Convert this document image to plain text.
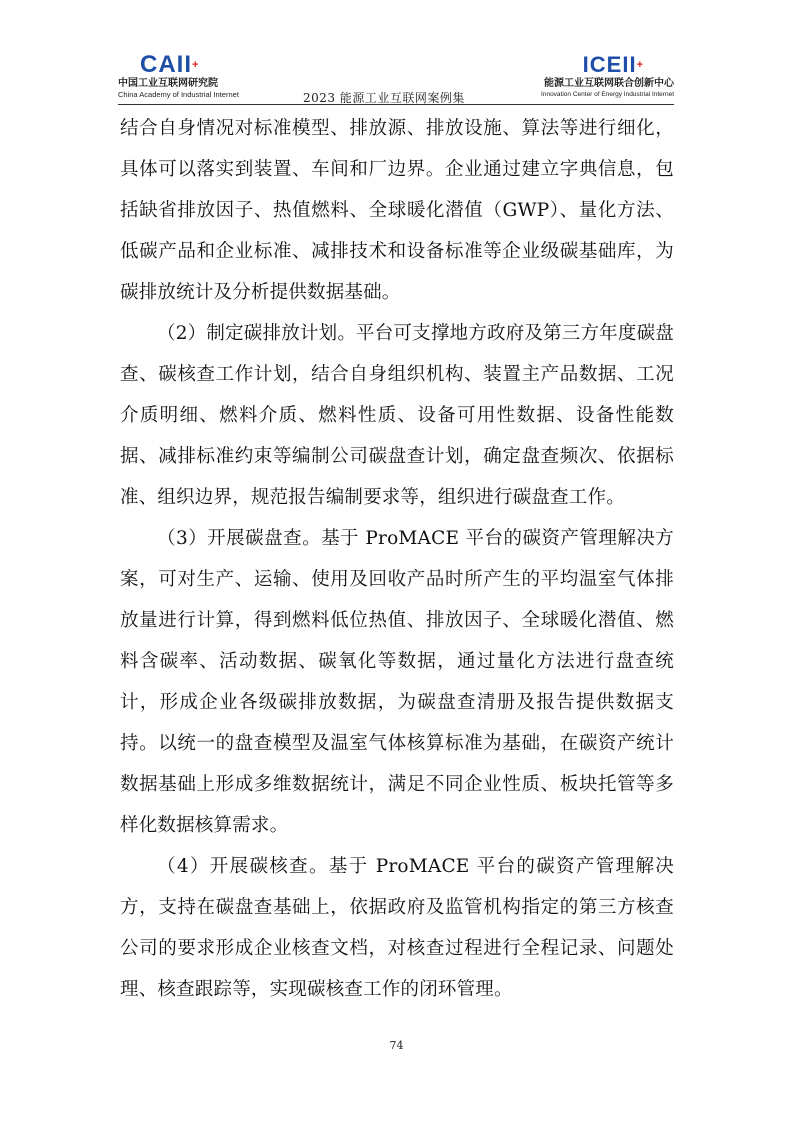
CAII+
中国工业互联网研究院
China Academy of Industrial Internet	2023 能源工业互联网案例集
ICEII+
能源工业互联网联合创新中心
Innovation Center of Energy Industrial Internet

结合自身情况对标准模型、排放源、排放设施、算法等进行细化，具体可以落实到装置、车间和厂边界。企业通过建立字典信息，包括缺省排放因子、热值燃料、全球暖化潜值（GWP）、量化方法、低碳产品和企业标准、减排技术和设备标准等企业级碳基础库，为碳排放统计及分析提供数据基础。

（2）制定碳排放计划。平台可支撑地方政府及第三方年度碳盘查、碳核查工作计划，结合自身组织机构、装置主产品数据、工况介质明细、燃料介质、燃料性质、设备可用性数据、设备性能数据、减排标准约束等编制公司碳盘查计划，确定盘查频次、依据标准、组织边界，规范报告编制要求等，组织进行碳盘查工作。

（3）开展碳盘查。基于 ProMACE 平台的碳资产管理解决方案，可对生产、运输、使用及回收产品时所产生的平均温室气体排放量进行计算，得到燃料低位热值、排放因子、全球暖化潜值、燃料含碳率、活动数据、碳氧化等数据，通过量化方法进行盘查统计，形成企业各级碳排放数据，为碳盘查清册及报告提供数据支持。以统一的盘查模型及温室气体核算标准为基础，在碳资产统计数据基础上形成多维数据统计，满足不同企业性质、板块托管等多样化数据核算需求。

（4）开展碳核查。基于 ProMACE 平台的碳资产管理解决方，支持在碳盘查基础上，依据政府及监管机构指定的第三方核查公司的要求形成企业核查文档，对核查过程进行全程记录、问题处理、核查跟踪等，实现碳核查工作的闭环管理。

74
